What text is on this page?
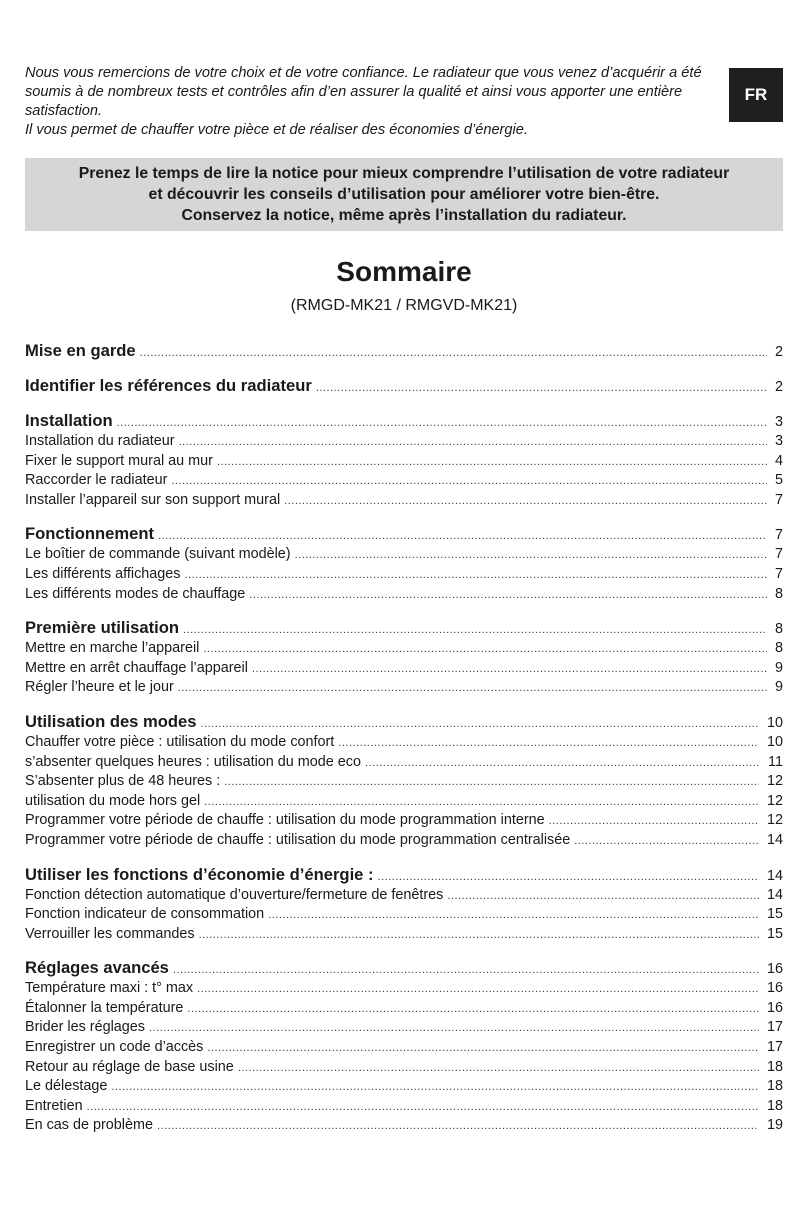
Nous vous remercions de votre choix et de votre confiance. Le radiateur que vous venez d’acquérir a été soumis à de nombreux tests et contrôles afin d’en assurer la qualité et ainsi vous apporter une entière satisfaction.

Il vous permet de chauffer votre pièce et de réaliser des économies d’énergie.

FR
Prenez le temps de lire la notice pour mieux comprendre l’utilisation de votre radiateur
et découvrir les conseils d’utilisation pour améliorer votre bien-être.
Conservez la notice, même après l’installation du radiateur.
Sommaire
(RMGD-MK21 / RMGVD-MK21)
Mise en garde .....	2
Identifier les références du radiateur .....	2
Installation .....	3
Installation du radiateur .....	3
Fixer le support mural au mur .....	4
Raccorder le radiateur .....	5
Installer l’appareil sur son support mural .....	7
Fonctionnement .....	7
Le boîtier de commande (suivant modèle) .....	7
Les différents affichages .....	7
Les différents modes de chauffage .....	8
Première utilisation .....	8
Mettre en marche l’appareil .....	8
Mettre en arrêt chauffage l’appareil .....	9
Régler l’heure et le jour .....	9
Utilisation des modes .....	10
Chauffer votre pièce : utilisation du mode confort .....	10
s’absenter quelques heures : utilisation du mode eco .....	11
S’absenter plus de 48 heures : .....	12
utilisation du mode hors gel .....	12
Programmer votre période de chauffe : utilisation du mode programmation interne .....	12
Programmer votre période de chauffe : utilisation du mode programmation centralisée .....	14
Utiliser les fonctions d’économie d’énergie : .....	14
Fonction détection automatique d’ouverture/fermeture de fenêtres .....	14
Fonction indicateur de consommation .....	15
Verrouiller les commandes .....	15
Réglages avancés .....	16
Température maxi : t° max .....	16
Étalonner la température .....	16
Brider les réglages .....	17
Enregistrer un code d’accès .....	17
Retour au réglage de base usine .....	18
Le délestage .....	18
Entretien .....	18
En cas de problème .....	19
